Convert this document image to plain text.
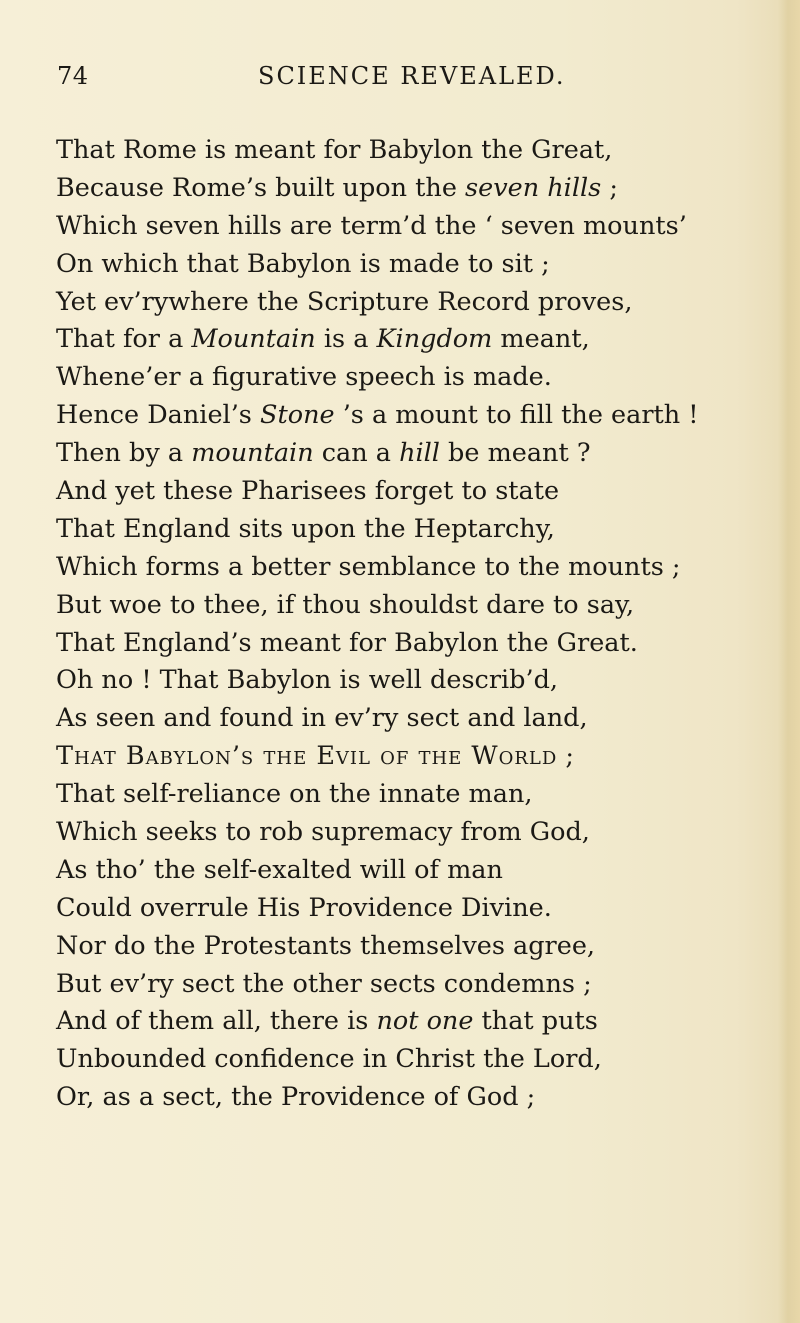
74	SCIENCE REVEALED.
That Rome is meant for Babylon the Great,
Because Rome’s built upon the seven hills ;
Which seven hills are term’d the ‘ seven mounts’
On which that Babylon is made to sit ;
Yet ev’rywhere the Scripture Record proves,
That for a Mountain is a Kingdom meant,
Whene’er a figurative speech is made.
Hence Daniel’s Stone ’s a mount to fill the earth !
Then by a mountain can a hill be meant ?
And yet these Pharisees forget to state
That England sits upon the Heptarchy,
Which forms a better semblance to the mounts ;
But woe to thee, if thou shouldst dare to say,
That England’s meant for Babylon the Great.
Oh no ! That Babylon is well describ’d,
As seen and found in ev’ry sect and land,
That Babylon’s the Evil of the World ;
That self-reliance on the innate man,
Which seeks to rob supremacy from God,
As tho’ the self-exalted will of man
Could overrule His Providence Divine.
Nor do the Protestants themselves agree,
But ev’ry sect the other sects condemns ;
And of them all, there is not one that puts
Unbounded confidence in Christ the Lord,
Or, as a sect, the Providence of God ;
